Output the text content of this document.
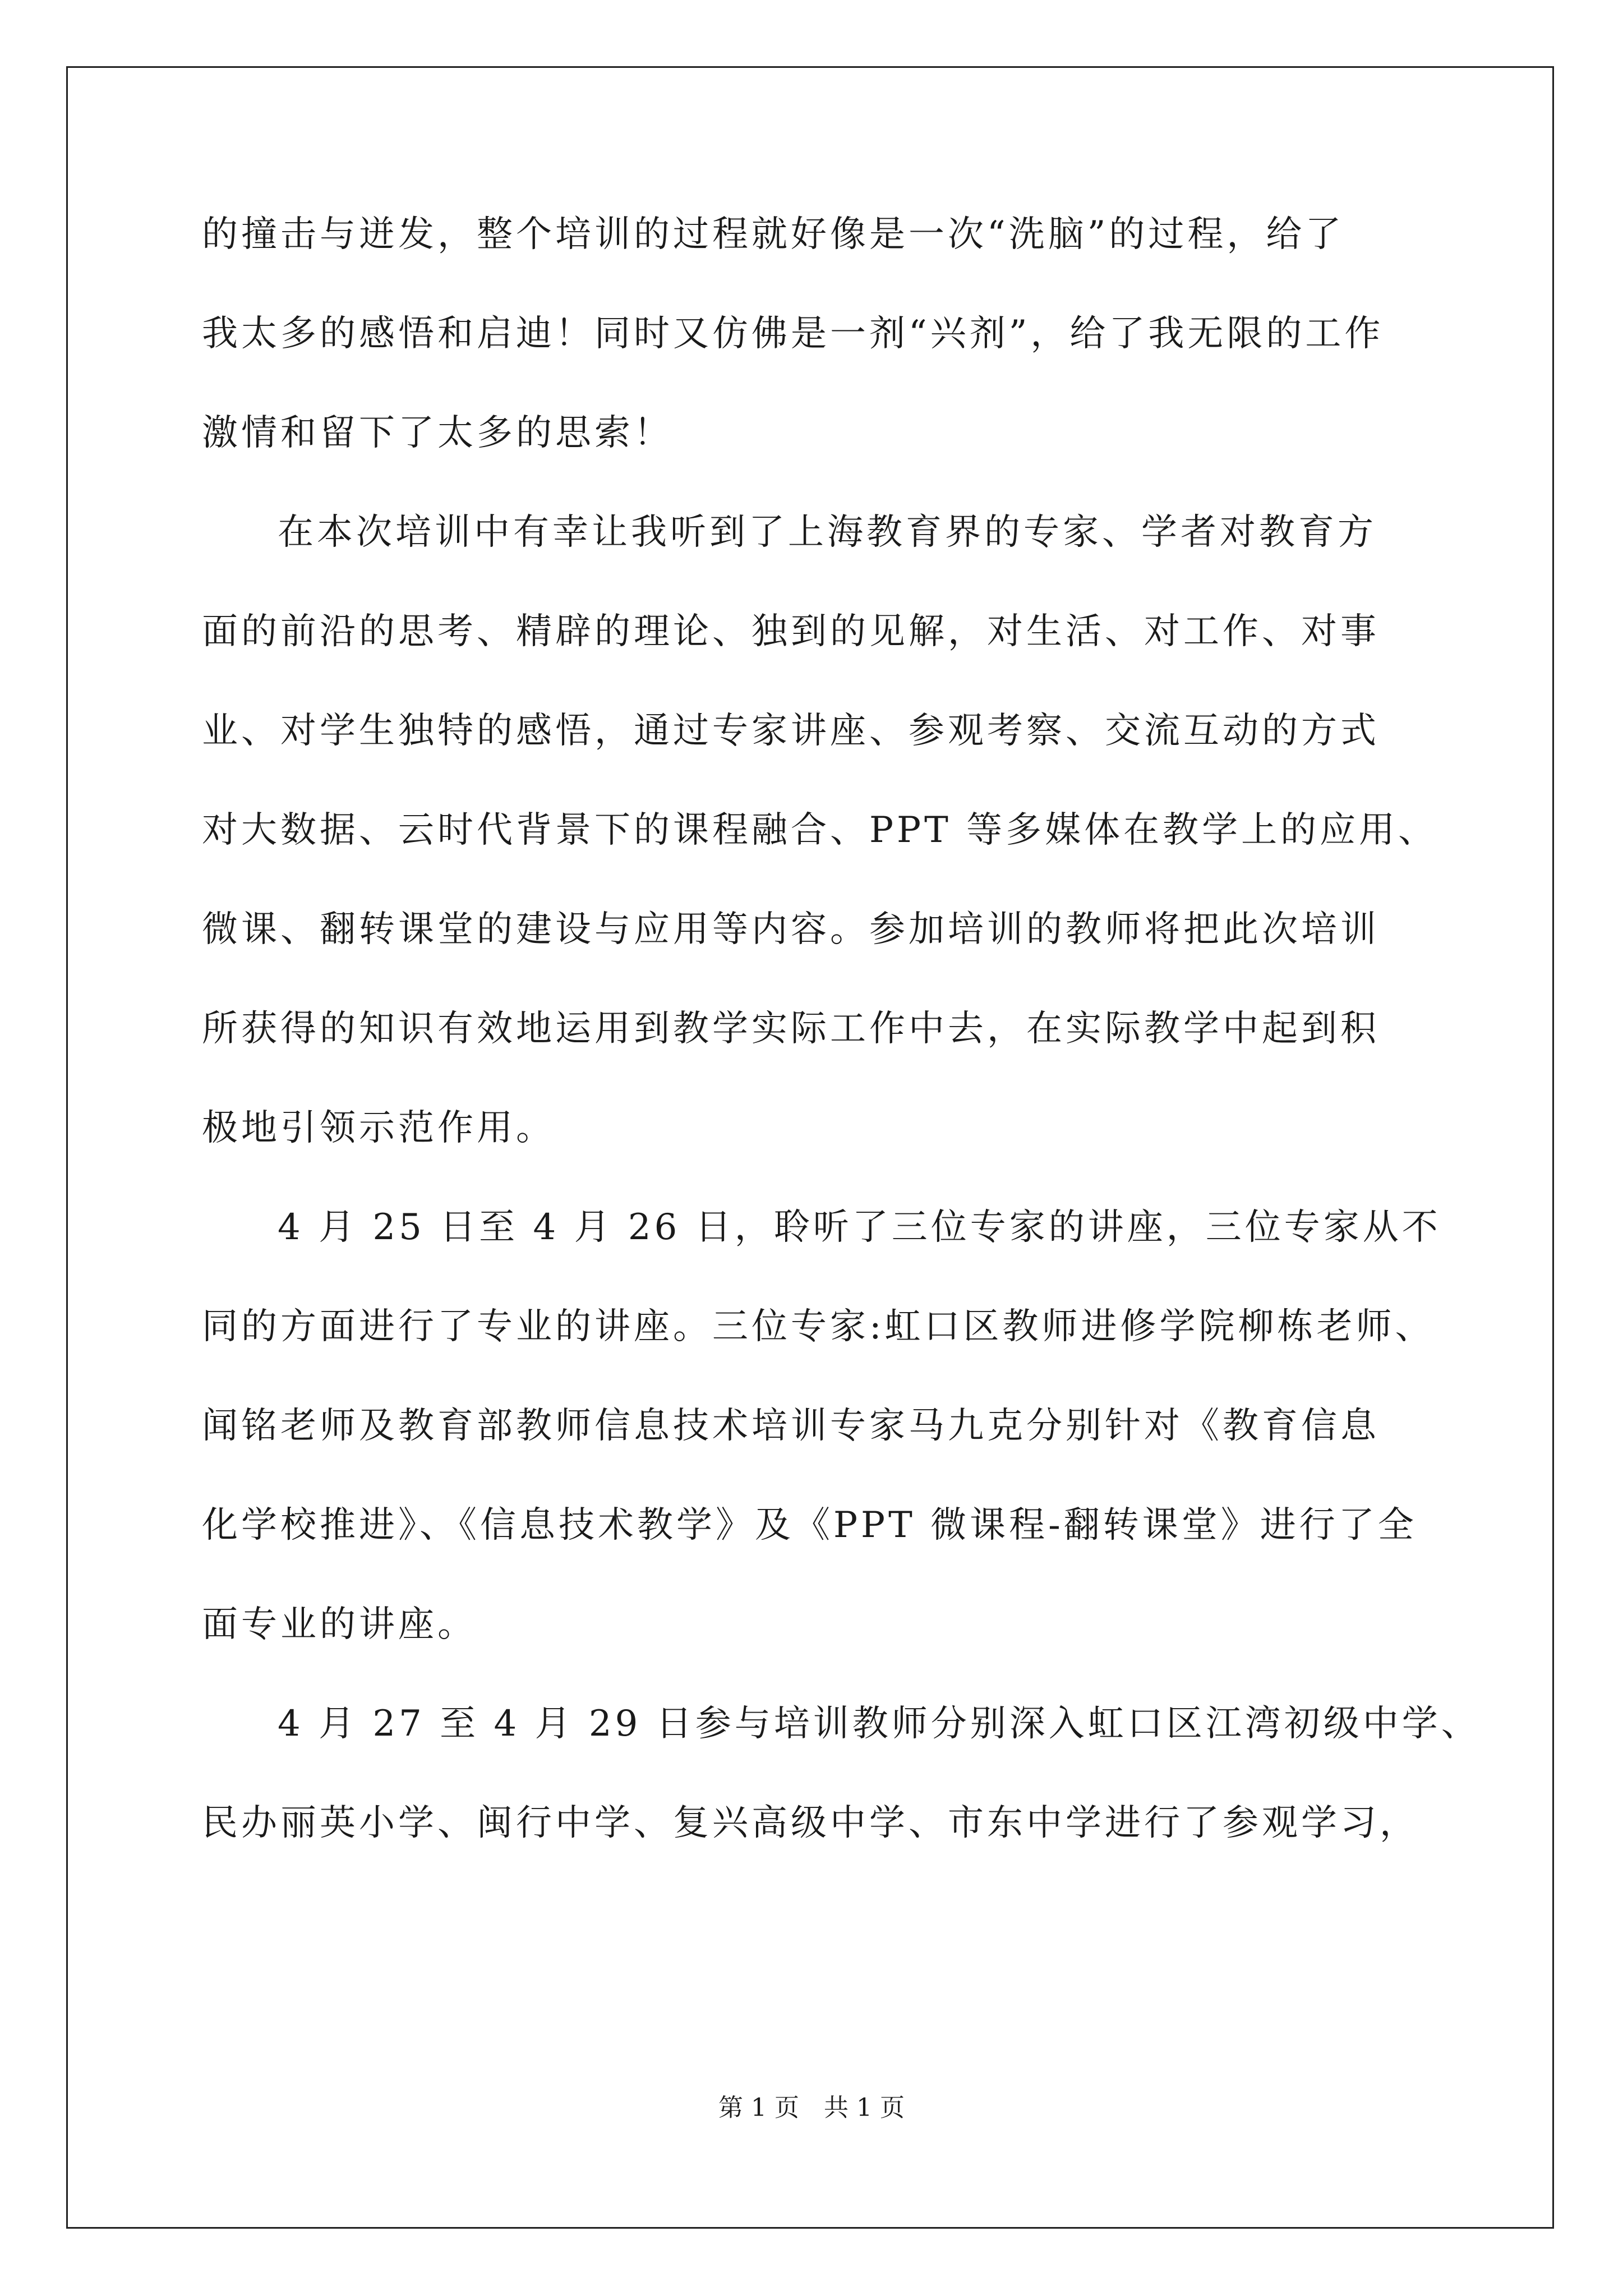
的撞击与迸发，整个培训的过程就好像是一次“洗脑”的过程，给了
我太多的感悟和启迪！同时又仿佛是一剂“兴剂”，给了我无限的工作
激情和留下了太多的思索！
在本次培训中有幸让我听到了上海教育界的专家、学者对教育方
面的前沿的思考、精辟的理论、独到的见解，对生活、对工作、对事
业、对学生独特的感悟，通过专家讲座、参观考察、交流互动的方式
对大数据、云时代背景下的课程融合、PPT 等多媒体在教学上的应用、
微课、翻转课堂的建设与应用等内容。参加培训的教师将把此次培训
所获得的知识有效地运用到教学实际工作中去，在实际教学中起到积
极地引领示范作用。
4 月 25 日至 4 月 26 日，聆听了三位专家的讲座，三位专家从不
同的方面进行了专业的讲座。三位专家:虹口区教师进修学院柳栋老师、
闻铭老师及教育部教师信息技术培训专家马九克分别针对《教育信息
化学校推进》、《信息技术教学》及《PPT 微课程-翻转课堂》进行了全
面专业的讲座。
4 月 27 至 4 月 29 日参与培训教师分别深入虹口区江湾初级中学、
民办丽英小学、闽行中学、复兴高级中学、市东中学进行了参观学习，
第 1 页　共 1 页
